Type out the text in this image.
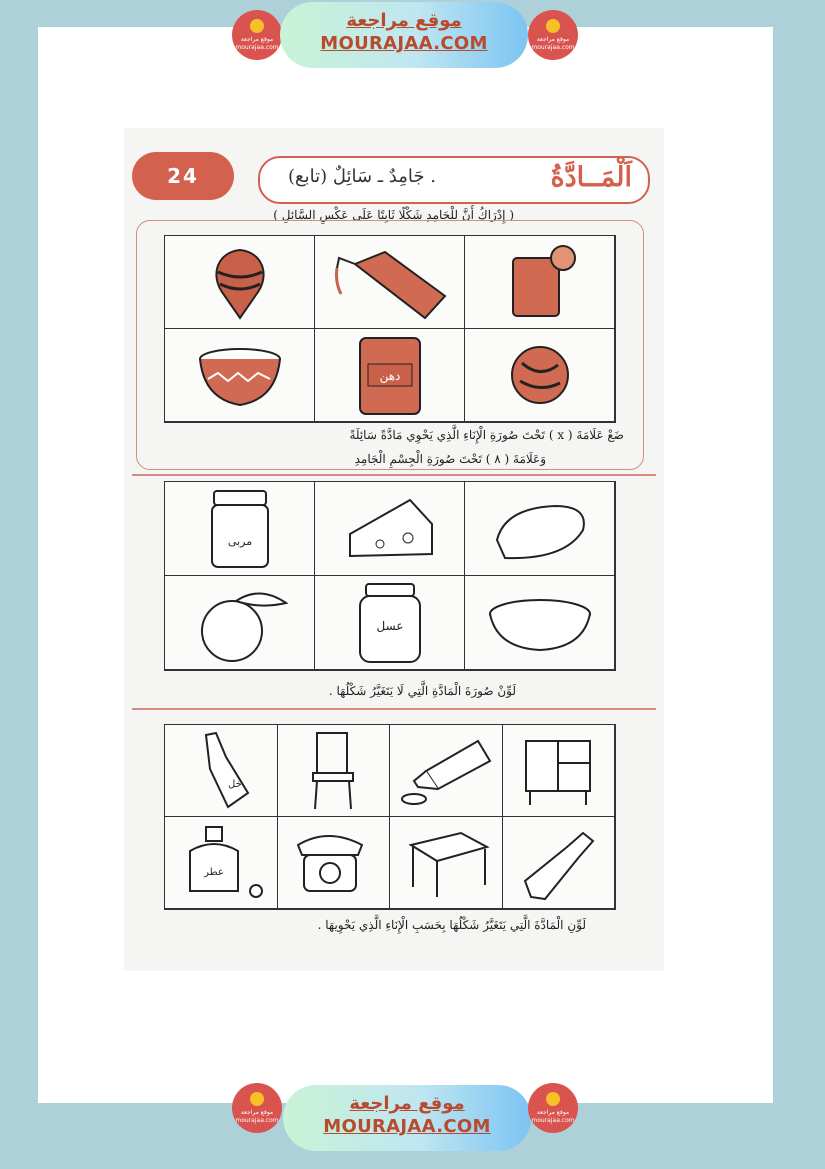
موقع مراجعة mourajaa.com
موقع مراجعة
MOURAJAA.COM	موقع مراجعة mourajaa.com
24	اَلْمَــادَّةُ
جَامِدٌ ـ سَائِلٌ (تابع) .
( إِدْرَاكُ أَنَّ لِلْجَامِدِ شَكْلًا ثَابِتًا عَلَى عَكْسِ السَّائِلِ )
دهن
ضَعْ عَلَامَةَ ( x ) تَحْتَ صُورَةِ الْإِنَاءِ الَّذِي يَحْوِي مَادَّةً سَائِلَةً
وَعَلَامَةَ ( ٨ ) تَحْتَ صُورَةِ الْجِسْمِ الْجَامِدِ
مربى
عسل
لَوِّنْ صُورَةَ الْمَادَّةِ الَّتِي لَا يَتَغَيَّرُ شَكْلُهَا .
خل
عطر
لَوِّنِ الْمَادَّةَ الَّتِي يَتَغَيَّرُ شَكْلُهَا بِحَسَبِ الْإِنَاءِ الَّذِي يَحْوِيهَا .
موقع مراجعة mourajaa.com
موقع مراجعة
MOURAJAA.COM
موقع مراجعة mourajaa.com
